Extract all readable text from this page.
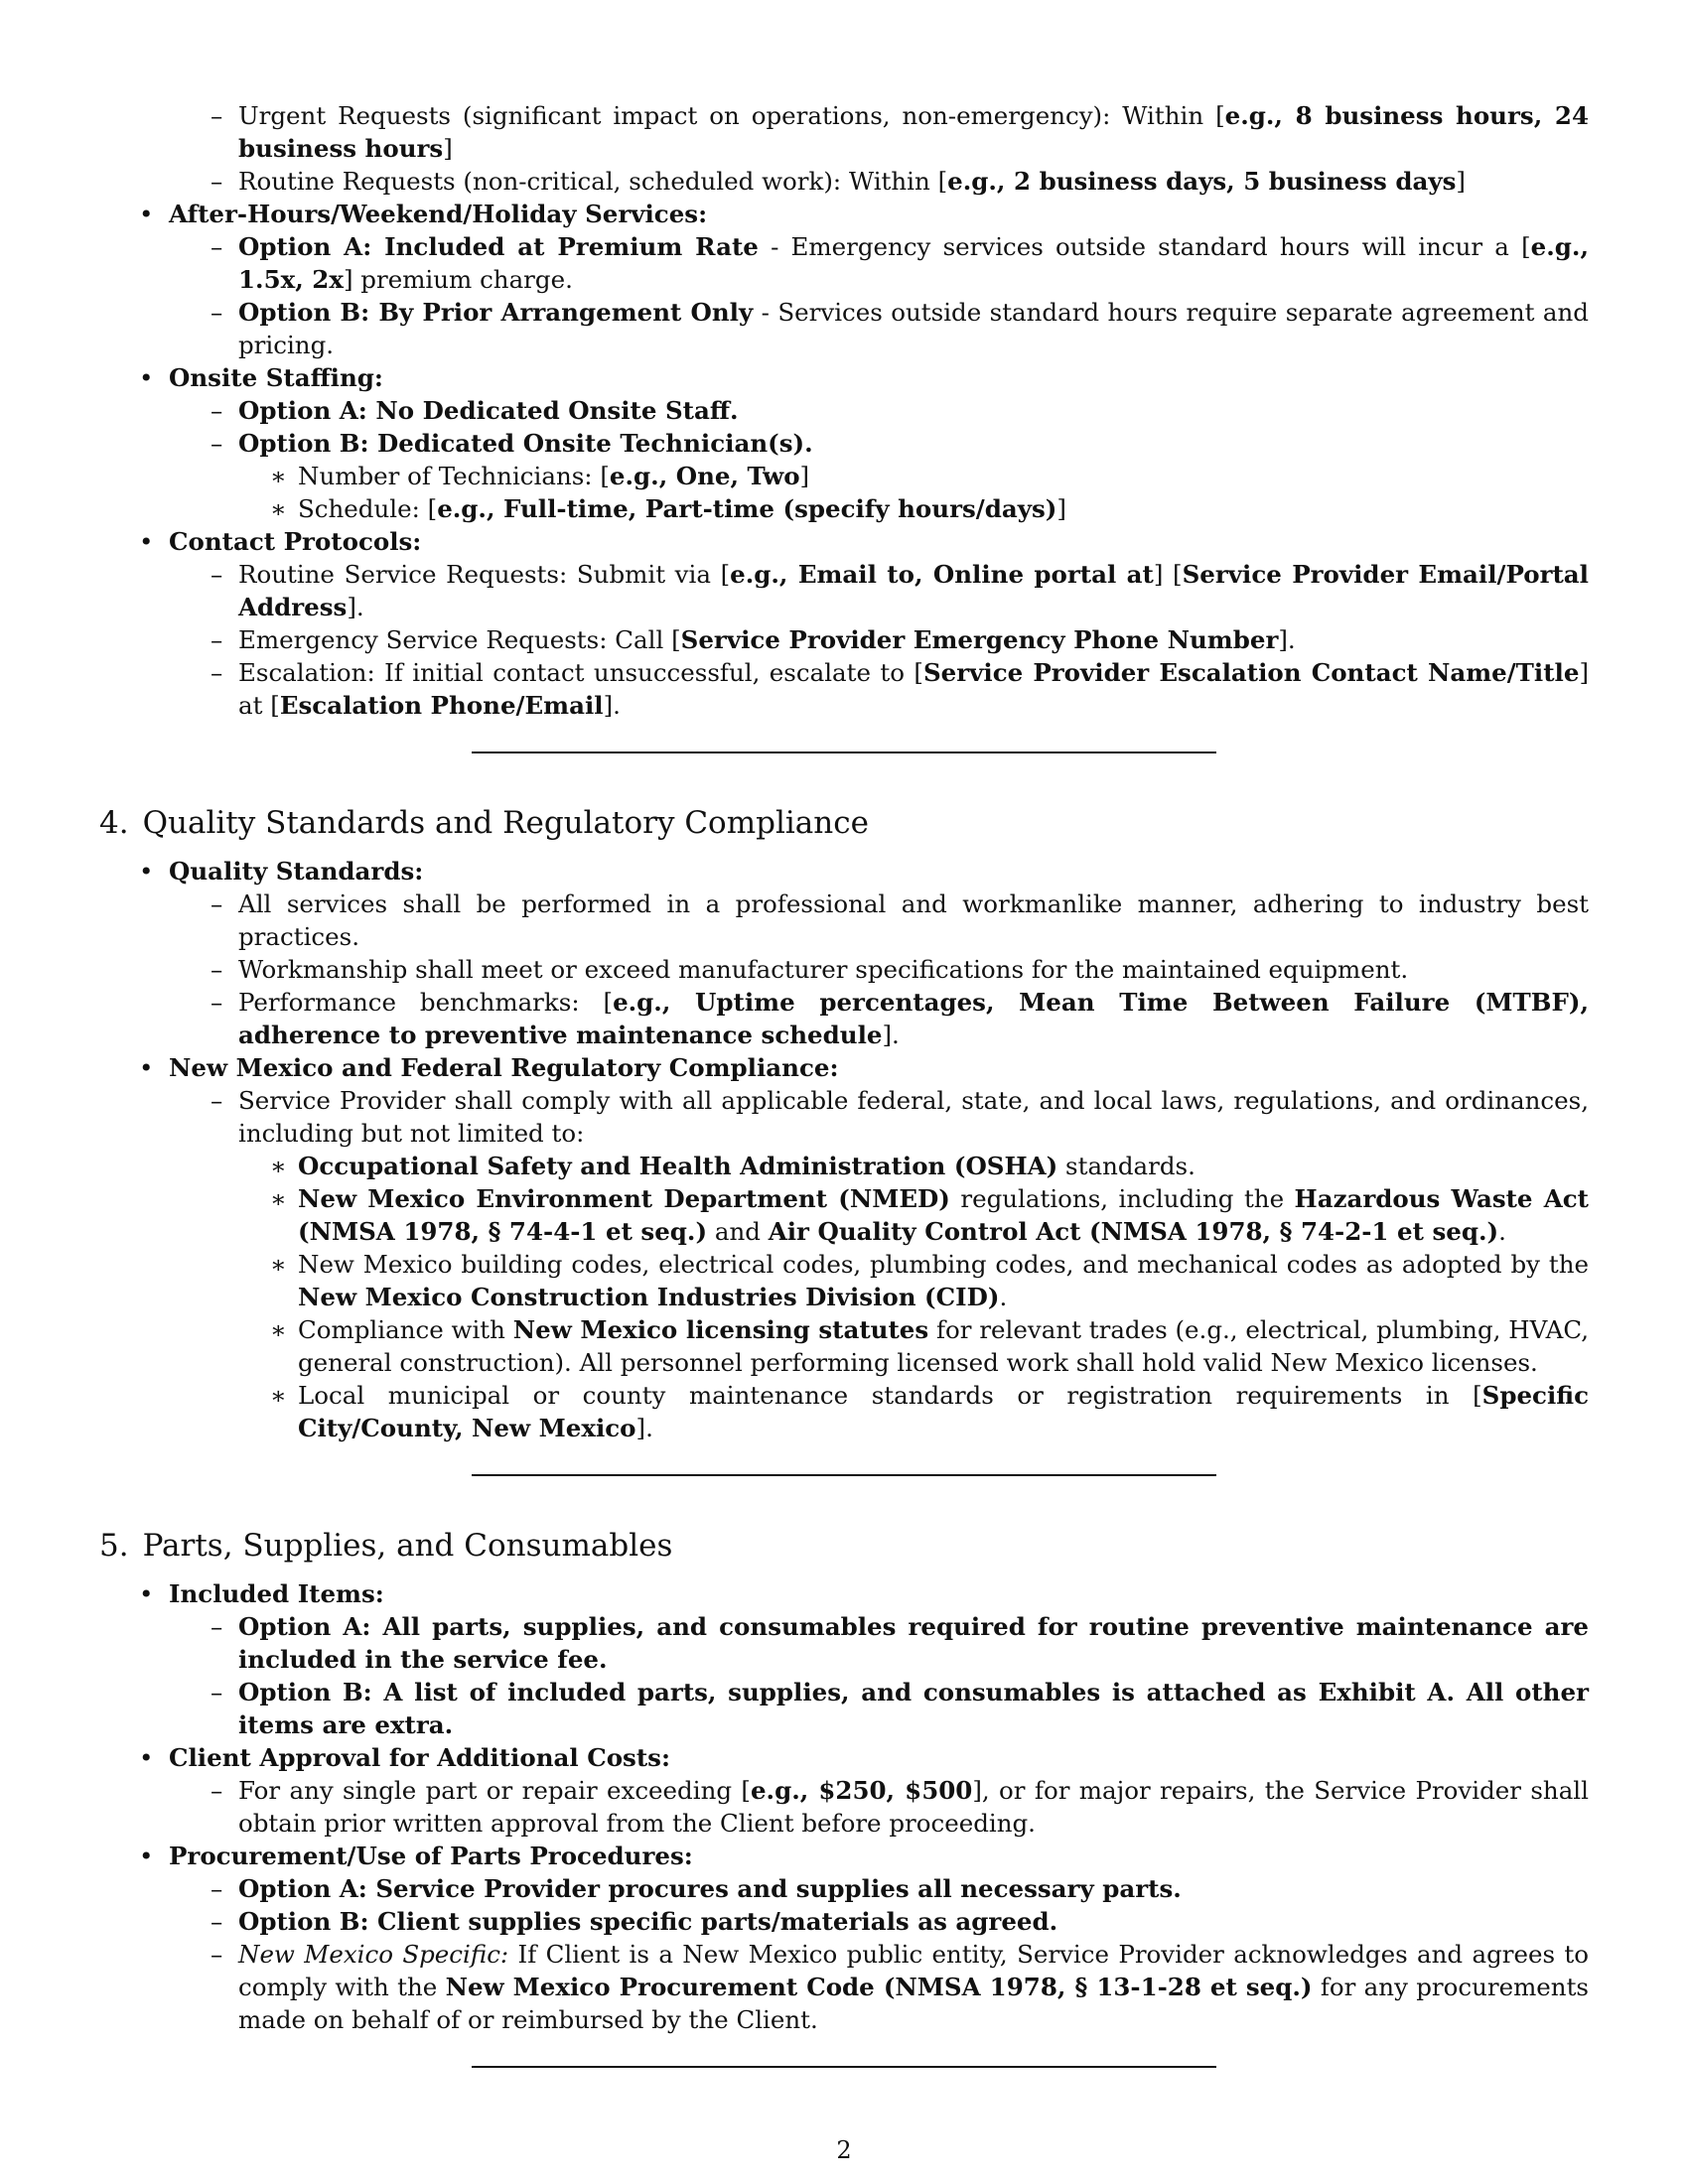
– Urgent Requests (significant impact on operations, non-emergency): Within [e.g., 8 business hours, 24 business hours]
– Routine Requests (non-critical, scheduled work): Within [e.g., 2 business days, 5 business days]
• After-Hours/Weekend/Holiday Services:
– Option A: Included at Premium Rate - Emergency services outside standard hours will incur a [e.g., 1.5x, 2x] premium charge.
– Option B: By Prior Arrangement Only - Services outside standard hours require separate agreement and pricing.
• Onsite Staffing:
– Option A: No Dedicated Onsite Staff.
– Option B: Dedicated Onsite Technician(s).
∗ Number of Technicians: [e.g., One, Two]
∗ Schedule: [e.g., Full-time, Part-time (specify hours/days)]
• Contact Protocols:
– Routine Service Requests: Submit via [e.g., Email to, Online portal at] [Service Provider Email/Portal Address].
– Emergency Service Requests: Call [Service Provider Emergency Phone Number].
– Escalation: If initial contact unsuccessful, escalate to [Service Provider Escalation Contact Name/Title] at [Escalation Phone/Email].
4. Quality Standards and Regulatory Compliance
• Quality Standards:
– All services shall be performed in a professional and workmanlike manner, adhering to industry best practices.
– Workmanship shall meet or exceed manufacturer specifications for the maintained equipment.
– Performance benchmarks: [e.g., Uptime percentages, Mean Time Between Failure (MTBF), adherence to preventive maintenance schedule].
• New Mexico and Federal Regulatory Compliance:
– Service Provider shall comply with all applicable federal, state, and local laws, regulations, and ordinances, including but not limited to:
∗ Occupational Safety and Health Administration (OSHA) standards.
∗ New Mexico Environment Department (NMED) regulations, including the Hazardous Waste Act (NMSA 1978, § 74-4-1 et seq.) and Air Quality Control Act (NMSA 1978, § 74-2-1 et seq.).
∗ New Mexico building codes, electrical codes, plumbing codes, and mechanical codes as adopted by the New Mexico Construction Industries Division (CID).
∗ Compliance with New Mexico licensing statutes for relevant trades (e.g., electrical, plumbing, HVAC, general construction). All personnel performing licensed work shall hold valid New Mexico licenses.
∗ Local municipal or county maintenance standards or registration requirements in [Specific City/County, New Mexico].
5. Parts, Supplies, and Consumables
• Included Items:
– Option A: All parts, supplies, and consumables required for routine preventive maintenance are included in the service fee.
– Option B: A list of included parts, supplies, and consumables is attached as Exhibit A. All other items are extra.
• Client Approval for Additional Costs:
– For any single part or repair exceeding [e.g., $250, $500], or for major repairs, the Service Provider shall obtain prior written approval from the Client before proceeding.
• Procurement/Use of Parts Procedures:
– Option A: Service Provider procures and supplies all necessary parts.
– Option B: Client supplies specific parts/materials as agreed.
– New Mexico Specific: If Client is a New Mexico public entity, Service Provider acknowledges and agrees to comply with the New Mexico Procurement Code (NMSA 1978, § 13-1-28 et seq.) for any procurements made on behalf of or reimbursed by the Client.
2
